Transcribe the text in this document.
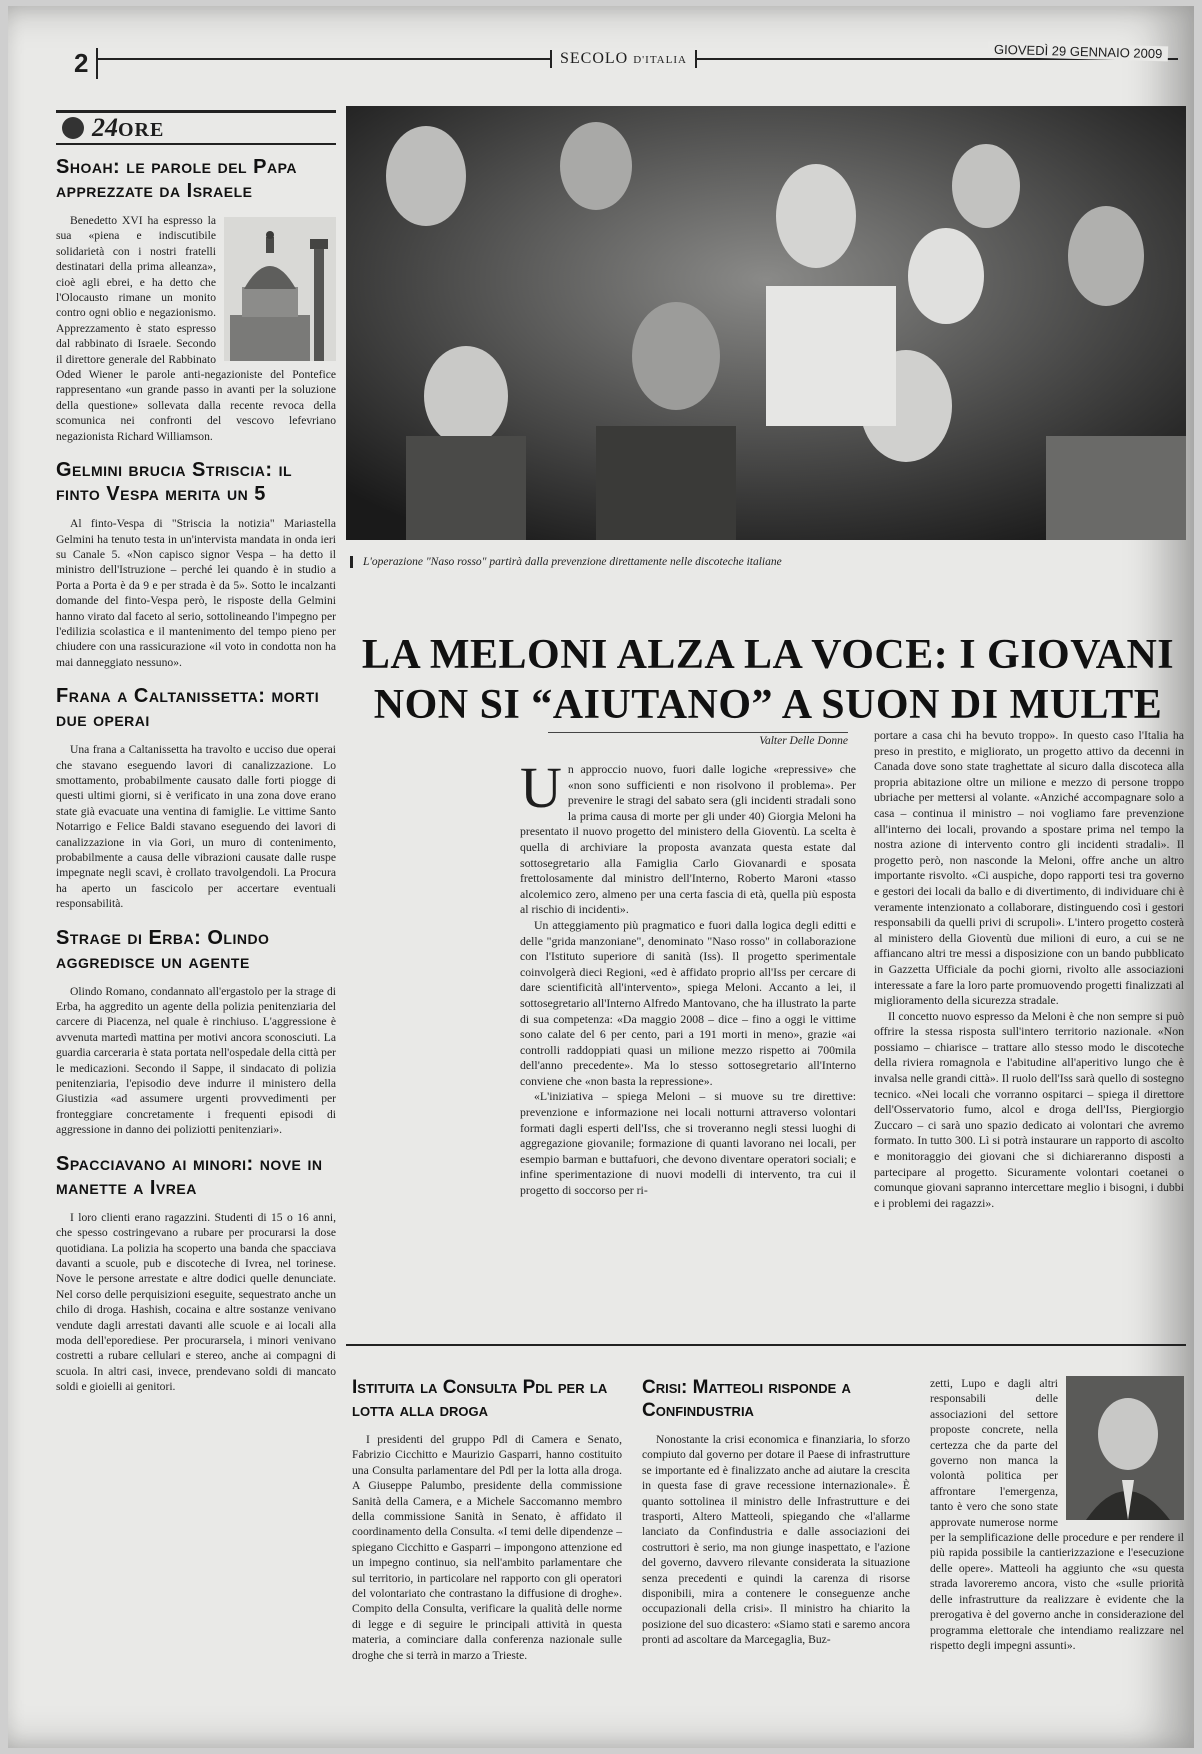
2	SECOLO D'ITALIA	GIOVEDÌ 29 GENNAIO 2009
24ORE
Shoah: le parole del Papa apprezzate da Israele

Benedetto XVI ha espresso la sua «piena e indiscutibile solidarietà con i nostri fratelli destinatari della prima alleanza», cioè agli ebrei, e ha detto che l'Olocausto rimane un monito contro ogni oblio e negazionismo. Apprezzamento è stato espresso dal rabbinato di Israele. Secondo il direttore generale del Rabbinato Oded Wiener le parole anti-negazioniste del Pontefice rappresentano «un grande passo in avanti per la soluzione della questione» sollevata dalla recente revoca della scomunica nei confronti del vescovo lefevriano negazionista Richard Williamson.

Gelmini brucia Striscia: il finto Vespa merita un 5

Al finto-Vespa di "Striscia la notizia" Mariastella Gelmini ha tenuto testa in un'intervista mandata in onda ieri su Canale 5. «Non capisco signor Vespa – ha detto il ministro dell'Istruzione – perché lei quando è in studio a Porta a Porta è da 9 e per strada è da 5». Sotto le incalzanti domande del finto-Vespa però, le risposte della Gelmini hanno virato dal faceto al serio, sottolineando l'impegno per l'edilizia scolastica e il mantenimento del tempo pieno per chiudere con una rassicurazione «il voto in condotta non ha mai danneggiato nessuno».

Frana a Caltanissetta: morti due operai

Una frana a Caltanissetta ha travolto e ucciso due operai che stavano eseguendo lavori di canalizzazione. Lo smottamento, probabilmente causato dalle forti piogge di questi ultimi giorni, si è verificato in una zona dove erano state già evacuate una ventina di famiglie. Le vittime Santo Notarrigo e Felice Baldi stavano eseguendo dei lavori di canalizzazione in via Gori, un muro di contenimento, probabilmente a causa delle vibrazioni causate dalle ruspe impegnate negli scavi, è crollato travolgendoli. La Procura ha aperto un fascicolo per accertare eventuali responsabilità.

Strage di Erba: Olindo aggredisce un agente

Olindo Romano, condannato all'ergastolo per la strage di Erba, ha aggredito un agente della polizia penitenziaria del carcere di Piacenza, nel quale è rinchiuso. L'aggressione è avvenuta martedì mattina per motivi ancora sconosciuti. La guardia carceraria è stata portata nell'ospedale della città per le medicazioni. Secondo il Sappe, il sindacato di polizia penitenziaria, l'episodio deve indurre il ministero della Giustizia «ad assumere urgenti provvedimenti per fronteggiare concretamente i frequenti episodi di aggressione in danno dei poliziotti penitenziari».

Spacciavano ai minori: nove in manette a Ivrea

I loro clienti erano ragazzini. Studenti di 15 o 16 anni, che spesso costringevano a rubare per procurarsi la dose quotidiana. La polizia ha scoperto una banda che spacciava davanti a scuole, pub e discoteche di Ivrea, nel torinese. Nove le persone arrestate e altre dodici quelle denunciate. Nel corso delle perquisizioni eseguite, sequestrato anche un chilo di droga. Hashish, cocaina e altre sostanze venivano vendute dagli arrestati davanti alle scuole e ai locali alla moda dell'eporediese. Per procurarsela, i minori venivano costretti a rubare cellulari e stereo, anche ai compagni di scuola. In altri casi, invece, prendevano soldi di mancato soldi e gioielli ai genitori.

L'operazione "Naso rosso" partirà dalla prevenzione direttamente nelle discoteche italiane
LA MELONI ALZA LA VOCE: I GIOVANI
NON SI “AIUTANO” A SUON DI MULTE
Valter Delle Donne

Un approccio nuovo, fuori dalle logiche «repressive» che «non sono sufficienti e non risolvono il problema». Per prevenire le stragi del sabato sera (gli incidenti stradali sono la prima causa di morte per gli under 40) Giorgia Meloni ha presentato il nuovo progetto del ministero della Gioventù. La scelta è quella di archiviare la proposta avanzata questa estate dal sottosegretario alla Famiglia Carlo Giovanardi e sposata frettolosamente dal ministro dell'Interno, Roberto Maroni «tasso alcolemico zero, almeno per una certa fascia di età, quella più esposta al rischio di incidenti».

Un atteggiamento più pragmatico e fuori dalla logica degli editti e delle "grida manzoniane", denominato "Naso rosso" in collaborazione con l'Istituto superiore di sanità (Iss). Il progetto sperimentale coinvolgerà dieci Regioni, «ed è affidato proprio all'Iss per cercare di dare scientificità all'intervento», spiega Meloni. Accanto a lei, il sottosegretario all'Interno Alfredo Mantovano, che ha illustrato la parte di sua competenza: «Da maggio 2008 – dice – fino a oggi le vittime sono calate del 6 per cento, pari a 191 morti in meno», grazie «ai controlli raddoppiati quasi un milione mezzo rispetto ai 700mila dell'anno precedente». Ma lo stesso sottosegretario all'Interno conviene che «non basta la repressione».

«L'iniziativa – spiega Meloni – si muove su tre direttive: prevenzione e informazione nei locali notturni attraverso volontari formati dagli esperti dell'Iss, che si troveranno negli stessi luoghi di aggregazione giovanile; formazione di quanti lavorano nei locali, per esempio barman e buttafuori, che devono diventare operatori sociali; e infine sperimentazione di nuovi modelli di intervento, tra cui il progetto di soccorso per ri-

portare a casa chi ha bevuto troppo». In questo caso l'Italia ha preso in prestito, e migliorato, un progetto attivo da decenni in Canada dove sono state traghettate al sicuro dalla discoteca alla propria abitazione oltre un milione e mezzo di persone troppo ubriache per mettersi al volante. «Anziché accompagnare solo a casa – continua il ministro – noi vogliamo fare prevenzione all'interno dei locali, provando a spostare prima nel tempo la nostra azione di intervento contro gli incidenti stradali». Il progetto però, non nasconde la Meloni, offre anche un altro importante risvolto. «Ci auspiche, dopo rapporti tesi tra governo e gestori dei locali da ballo e di divertimento, di individuare chi è veramente intenzionato a collaborare, distinguendo così i gestori responsabili da quelli privi di scrupoli». L'intero progetto costerà al ministero della Gioventù due milioni di euro, a cui se ne affiancano altri tre messi a disposizione con un bando pubblicato in Gazzetta Ufficiale da pochi giorni, rivolto alle associazioni interessate a fare la loro parte promuovendo progetti finalizzati al miglioramento della sicurezza stradale.

Il concetto nuovo espresso da Meloni è che non sempre si può offrire la stessa risposta sull'intero territorio nazionale. «Non possiamo – chiarisce – trattare allo stesso modo le discoteche della riviera romagnola e l'abitudine all'aperitivo lungo che è invalsa nelle grandi città». Il ruolo dell'Iss sarà quello di sostegno tecnico. «Nei locali che vorranno ospitarci – spiega il direttore dell'Osservatorio fumo, alcol e droga dell'Iss, Piergiorgio Zuccaro – ci sarà uno spazio dedicato ai volontari che avremo formato. In tutto 300. Lì si potrà instaurare un rapporto di ascolto e monitoraggio dei giovani che si dichiareranno disposti a partecipare al progetto. Sicuramente volontari coetanei o comunque giovani sapranno intercettare meglio i bisogni, i dubbi e i problemi dei ragazzi».

Istituita la Consulta Pdl per la lotta alla droga

I presidenti del gruppo Pdl di Camera e Senato, Fabrizio Cicchitto e Maurizio Gasparri, hanno costituito una Consulta parlamentare del Pdl per la lotta alla droga. A Giuseppe Palumbo, presidente della commissione Sanità della Camera, e a Michele Saccomanno membro della commissione Sanità in Senato, è affidato il coordinamento della Consulta. «I temi delle dipendenze – spiegano Cicchitto e Gasparri – impongono attenzione ed un impegno continuo, sia nell'ambito parlamentare che sul territorio, in particolare nel rapporto con gli operatori del volontariato che contrastano la diffusione di droghe». Compito della Consulta, verificare la qualità delle norme di legge e di seguire le principali attività in questa materia, a cominciare dalla conferenza nazionale sulle droghe che si terrà in marzo a Trieste.

Crisi: Matteoli risponde a Confindustria

Nonostante la crisi economica e finanziaria, lo sforzo compiuto dal governo per dotare il Paese di infrastrutture se importante ed è finalizzato anche ad aiutare la crescita in questa fase di grave recessione internazionale». È quanto sottolinea il ministro delle Infrastrutture e dei trasporti, Altero Matteoli, spiegando che «l'allarme lanciato da Confindustria e dalle associazioni dei costruttori è serio, ma non giunge inaspettato, e l'azione del governo, davvero rilevante considerata la situazione senza precedenti e quindi la carenza di risorse disponibili, mira a contenere le conseguenze anche occupazionali della crisi». Il ministro ha chiarito la posizione del suo dicastero: «Siamo stati e saremo ancora pronti ad ascoltare da Marcegaglia, Buz-

zetti, Lupo e dagli altri responsabili delle associazioni del settore proposte concrete, nella certezza che da parte del governo non manca la volontà politica per affrontare l'emergenza, tanto è vero che sono state approvate numerose norme per la semplificazione delle procedure e per rendere il più rapida possibile la cantierizzazione e l'esecuzione delle opere». Matteoli ha aggiunto che «su questa strada lavoreremo ancora, visto che «sulle priorità delle infrastrutture da realizzare è evidente che la prerogativa è del governo anche in considerazione del programma elettorale che intendiamo realizzare nel rispetto degli impegni assunti».
